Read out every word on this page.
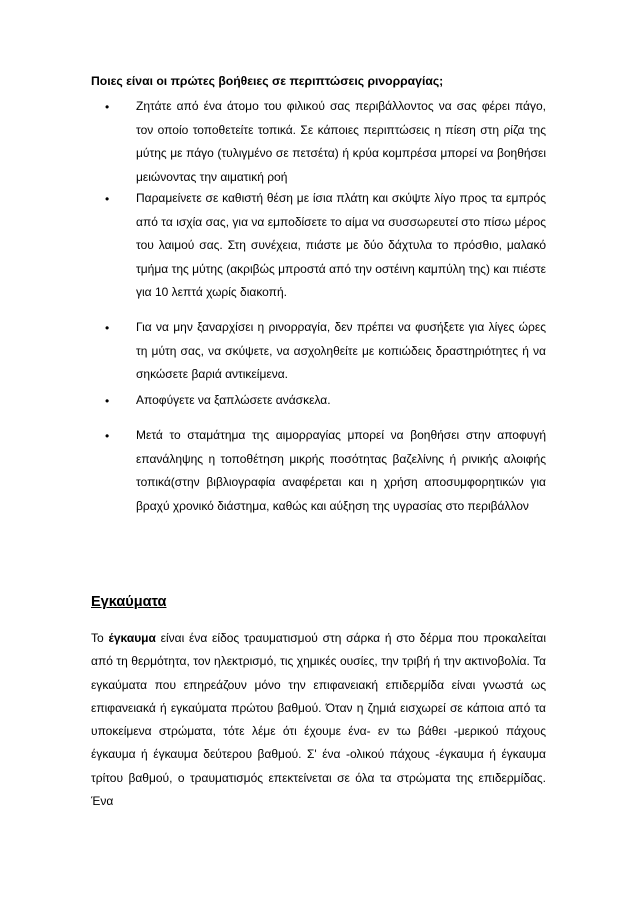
Ποιες είναι οι πρώτες βοήθειες σε περιπτώσεις ρινορραγίας;

• Ζητάτε από ένα άτομο του φιλικού σας περιβάλλοντος να σας φέρει πάγο, τον οποίο τοποθετείτε τοπικά. Σε κάποιες περιπτώσεις η πίεση στη ρίζα της μύτης με πάγο (τυλιγμένο σε πετσέτα) ή κρύα κομπρέσα μπορεί να βοηθήσει μειώνοντας την αιματική ροή

• Παραμείνετε σε καθιστή θέση με ίσια πλάτη και σκύψτε λίγο προς τα εμπρός από τα ισχία σας, για να εμποδίσετε το αίμα να συσσωρευτεί στο πίσω μέρος του λαιμού σας. Στη συνέχεια, πιάστε με δύο δάχτυλα το πρόσθιο, μαλακό τμήμα της μύτης (ακριβώς μπροστά από την οστέινη καμπύλη της) και πιέστε για 10 λεπτά χωρίς διακοπή.

• Για να μην ξαναρχίσει η ρινορραγία, δεν πρέπει να φυσήξετε για λίγες ώρες τη μύτη σας, να σκύψετε, να ασχοληθείτε με κοπιώδεις δραστηριότητες ή να σηκώσετε βαριά αντικείμενα.

• Αποφύγετε να ξαπλώσετε ανάσκελα.

• Μετά το σταμάτημα της αιμορραγίας μπορεί να βοηθήσει στην αποφυγή επανάληψης η τοποθέτηση μικρής ποσότητας βαζελίνης ή ρινικής αλοιφής τοπικά(στην βιβλιογραφία αναφέρεται και η χρήση αποσυμφορητικών για βραχύ χρονικό διάστημα, καθώς και αύξηση της υγρασίας στο περιβάλλον

Εγκαύματα

Το έγκαυμα είναι ένα είδος τραυματισμού στη σάρκα ή στο δέρμα που προκαλείται από τη θερμότητα, τον ηλεκτρισμό, τις χημικές ουσίες, την τριβή ή την ακτινοβολία. Τα εγκαύματα που επηρεάζουν μόνο την επιφανειακή επιδερμίδα είναι γνωστά ως επιφανειακά ή εγκαύματα πρώτου βαθμού. Όταν η ζημιά εισχωρεί σε κάποια από τα υποκείμενα στρώματα, τότε λέμε ότι έχουμε ένα- εν τω βάθει -μερικού πάχους έγκαυμα ή έγκαυμα δεύτερου βαθμού. Σ' ένα -ολικού πάχους -έγκαυμα ή έγκαυμα τρίτου βαθμού, ο τραυματισμός επεκτείνεται σε όλα τα στρώματα της επιδερμίδας. Ένα
